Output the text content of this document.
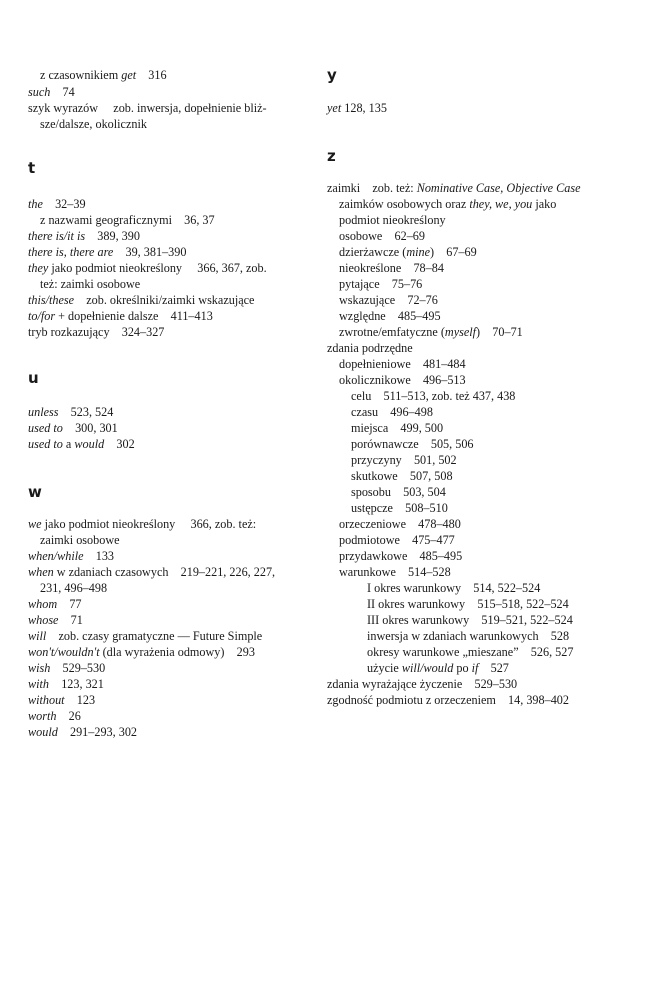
z czasownikiem get    316
such    74
szyk wyrazów     zob. inwersja, dopełnienie bliż-
sze/dalsze, okolicznik
t
the    32–39
z nazwami geograficznymi    36, 37
there is/it is    389, 390
there is, there are    39, 381–390
they jako podmiot nieokreślony     366, 367, zob.
też: zaimki osobowe
this/these    zob. określniki/zaimki wskazujące
to/for + dopełnienie dalsze    411–413
tryb rozkazujący    324–327
u
unless    523, 524
used to    300, 301
used to a would    302
w
we jako podmiot nieokreślony     366, zob. też:
zaimki osobowe
when/while    133
when w zdaniach czasowych    219–221, 226, 227,
231, 496–498
whom    77
whose    71
will    zob. czasy gramatyczne — Future Simple
won't/wouldn't (dla wyrażenia odmowy)    293
wish    529–530
with    123, 321
without    123
worth    26
would    291–293, 302
y
yet 128, 135
z
zaimki    zob. też: Nominative Case, Objective Case
zaimków osobowych oraz they, we, you jako
podmiot nieokreślony
osobowe    62–69
dzierżawcze (mine)    67–69
nieokreślone    78–84
pytające    75–76
wskazujące    72–76
względne    485–495
zwrotne/emfatyczne (myself)    70–71
zdania podrzędne
dopełnieniowe    481–484
okolicznikowe    496–513
celu    511–513, zob. też 437, 438
czasu    496–498
miejsca    499, 500
porównawcze    505, 506
przyczyny    501, 502
skutkowe    507, 508
sposobu    503, 504
ustępcze    508–510
orzeczeniowe    478–480
podmiotowe    475–477
przydawkowe    485–495
warunkowe    514–528
I okres warunkowy    514, 522–524
II okres warunkowy    515–518, 522–524
III okres warunkowy    519–521, 522–524
inwersja w zdaniach warunkowych    528
okresy warunkowe „mieszane”    526, 527
użycie will/would po if    527
zdania wyrażające życzenie    529–530
zgodność podmiotu z orzeczeniem    14, 398–402
